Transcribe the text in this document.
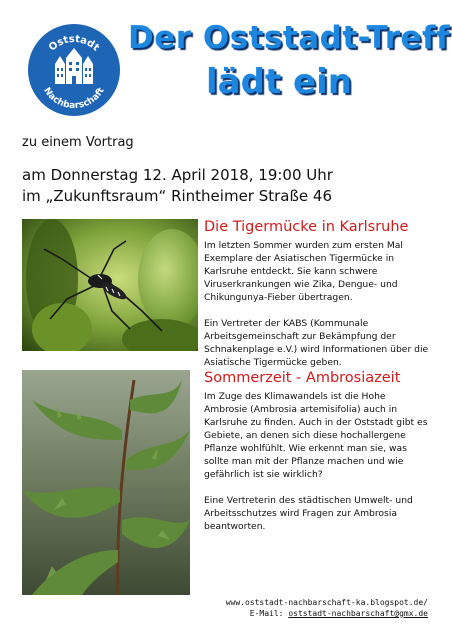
Oststadt
Nachbarschaft
Der Oststadt-Treff
lädt ein
zu einem Vortrag
am Donnerstag 12. April 2018, 19:00 Uhr
im „Zukunftsraum“ Rintheimer Straße 46
Die Tigermücke in Karlsruhe

Im letzten Sommer wurden zum ersten Mal Exemplare der Asiatischen Tigermücke in Karlsruhe entdeckt. Sie kann schwere Viruserkrankungen wie Zika, Dengue- und Chikungunya-Fieber übertragen.

Ein Vertreter der KABS (Kommunale Arbeitsgemeinschaft zur Bekämpfung der Schnakenplage e.V.) wird Informationen über die Asiatische Tigermücke geben.

Sommerzeit - Ambrosiazeit

Im Zuge des Klimawandels ist die Hohe Ambrosie (Ambrosia artemisifolia) auch in Karlsruhe zu finden. Auch in der Oststadt gibt es Gebiete, an denen sich diese hochallergene Pflanze wohlfühlt. Wie erkennt man sie, was sollte man mit der Pflanze machen und wie gefährlich ist sie wirklich?

Eine Vertreterin des städtischen Umwelt- und Arbeitsschutzes wird Fragen zur Ambrosia beantworten.

www.oststadt-nachbarschaft-ka.blogspot.de/
E-Mail: oststadt-nachbarschaft@gmx.de
